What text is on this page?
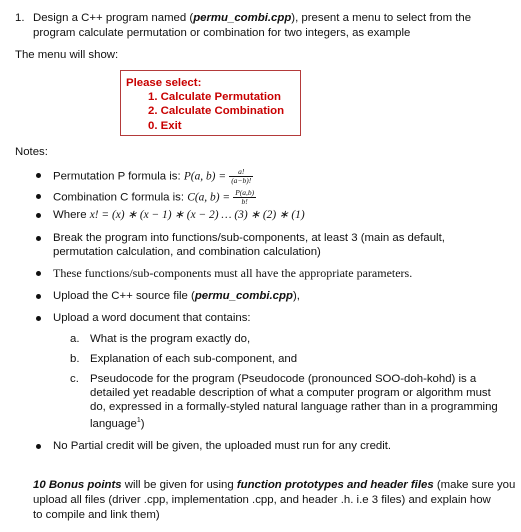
1. Design a C++ program named (permu_combi.cpp), present a menu to select from the
program calculate permutation or combination for two integers, as example
The menu will show:
Please select:
1. Calculate Permutation
2. Calculate Combination
0. Exit
Notes:
Permutation P formula is: P(a, $b) = \frac{a!}{(a-b)!}$
Combination C formula is: C(a, $b) = \frac{P(a,b)}{b!}$
Where x! = (x) ∗ (x − 1) ∗ (x − 2) … (3) ∗ (2) ∗ (1)
Break the program into functions/sub-components, at least 3 (main as default,
permutation calculation, and combination calculation)
These functions/sub-components must all have the appropriate parameters.
Upload the C++ source file (permu_combi.cpp),
Upload a word document that contains:
a. What is the program exactly do,
b. Explanation of each sub-component, and
c. Pseudocode for the program (Pseudocode (pronounced SOO-doh-kohd) is a
detailed yet readable description of what a computer program or algorithm must
do, expressed in a formally-styled natural language rather than in a programming
language$^1$)
No Partial credit will be given, the uploaded must run for any credit.
10 Bonus points will be given for using function prototypes and header files (make sure you
upload all files (driver .cpp, implementation .cpp, and header .h. i.e 3 files) and explain how
to compile and link them)
